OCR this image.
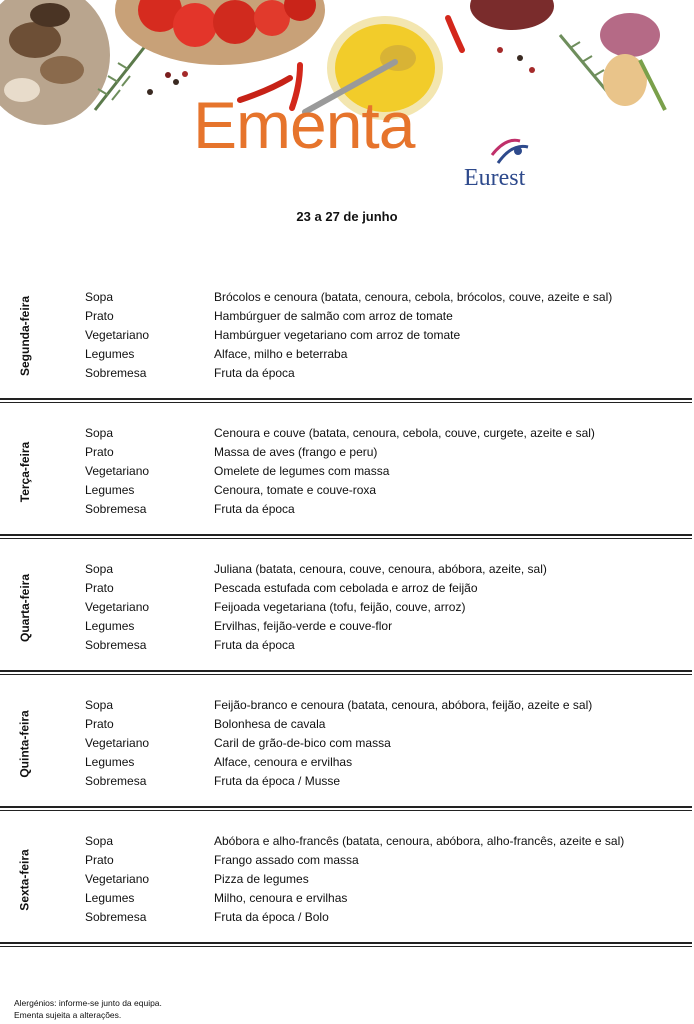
Ementa
Eurest
23 a 27 de junho
Segunda-feira	Sopa	Brócolos e cenoura (batata, cenoura, cebola, brócolos, couve, azeite e sal)
Prato	Hambúrguer de salmão com arroz de tomate
Vegetariano	Hambúrguer vegetariano com arroz de tomate
Legumes	Alface, milho e beterraba
Sobremesa	Fruta da época
Terça-feira
Sopa	Cenoura e couve (batata, cenoura, cebola, couve, curgete, azeite e sal)
Prato	Massa de aves (frango e peru)
Vegetariano	Omelete de legumes com massa
Legumes	Cenoura, tomate e couve-roxa
Sobremesa	Fruta da época
Quarta-feira
Sopa	Juliana (batata, cenoura, couve, cenoura, abóbora, azeite, sal)
Prato	Pescada estufada com cebolada e arroz de feijão
Vegetariano	Feijoada vegetariana (tofu, feijão, couve, arroz)
Legumes	Ervilhas, feijão-verde e couve-flor
Sobremesa	Fruta da época
Quinta-feira
Sopa	Feijão-branco e cenoura (batata, cenoura, abóbora, feijão, azeite e sal)
Prato	Bolonhesa de cavala
Vegetariano	Caril de grão-de-bico com massa
Legumes	Alface, cenoura e ervilhas
Sobremesa	Fruta da época / Musse
Sexta-feira
Sopa	Abóbora e alho-francês (batata, cenoura, abóbora, alho-francês, azeite e sal)
Prato	Frango assado com massa
Vegetariano	Pizza de legumes
Legumes	Milho, cenoura e ervilhas
Sobremesa	Fruta da época / Bolo
Alergénios: informe-se junto da equipa.
Ementa sujeita a alterações.
